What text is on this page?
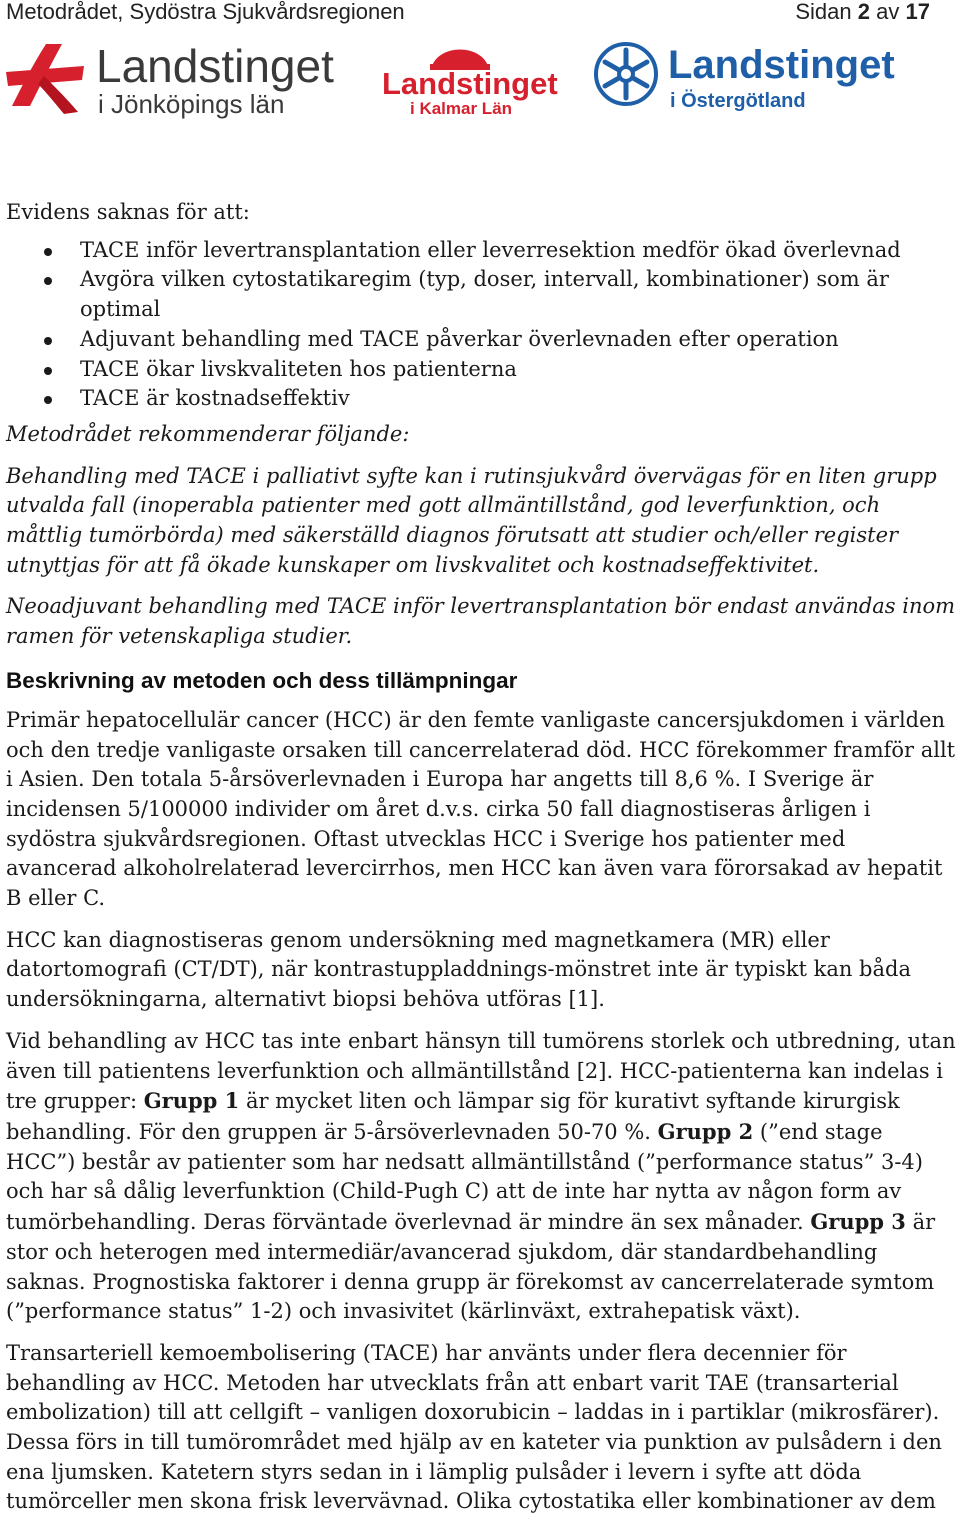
Metodrådet, Sydöstra Sjukvårdsregionen	Sidan 2 av 17
Landstinget
i Jönköpings län
Landstinget
i Kalmar Län
Landstinget
i Östergötland

Evidens saknas för att:

TACE inför levertransplantation eller leverresektion medför ökad överlevnad
Avgöra vilken cytostatikaregim (typ, doser, intervall, kombinationer) som är optimal
Adjuvant behandling med TACE påverkar överlevnaden efter operation
TACE ökar livskvaliteten hos patienterna
TACE är kostnadseffektiv

Metodrådet rekommenderar följande:

Behandling med TACE i palliativt syfte kan i rutinsjukvård övervägas för en liten grupp utvalda fall (inoperabla patienter med gott allmäntillstånd, god leverfunktion, och måttlig tumörbörda) med säkerställd diagnos förutsatt att studier och/eller register utnyttjas för att få ökade kunskaper om livskvalitet och kostnadseffektivitet.

Neoadjuvant behandling med TACE inför levertransplantation bör endast användas inom ramen för vetenskapliga studier.

Beskrivning av metoden och dess tillämpningar

Primär hepatocellulär cancer (HCC) är den femte vanligaste cancersjukdomen i världen och den tredje vanligaste orsaken till cancerrelaterad död. HCC förekommer framför allt i Asien. Den totala 5-årsöverlevnaden i Europa har angetts till 8,6 %. I Sverige är incidensen 5/100000 individer om året d.v.s. cirka 50 fall diagnostiseras årligen i sydöstra sjukvårdsregionen. Oftast utvecklas HCC i Sverige hos patienter med avancerad alkoholrelaterad levercirrhos, men HCC kan även vara förorsakad av hepatit B eller C.

HCC kan diagnostiseras genom undersökning med magnetkamera (MR) eller datortomografi (CT/DT), när kontrastuppladdnings-mönstret inte är typiskt kan båda undersökningarna, alternativt biopsi behöva utföras [1].

Vid behandling av HCC tas inte enbart hänsyn till tumörens storlek och utbredning, utan även till patientens leverfunktion och allmäntillstånd [2]. HCC-patienterna kan indelas i tre grupper: Grupp 1 är mycket liten och lämpar sig för kurativt syftande kirurgisk behandling. För den gruppen är 5-årsöverlevnaden 50-70 %. Grupp 2 (”end stage HCC”) består av patienter som har nedsatt allmäntillstånd (”performance status” 3-4) och har så dålig leverfunktion (Child-Pugh C) att de inte har nytta av någon form av tumörbehandling. Deras förväntade överlevnad är mindre än sex månader. Grupp 3 är stor och heterogen med intermediär/avancerad sjukdom, där standardbehandling saknas. Prognostiska faktorer i denna grupp är förekomst av cancerrelaterade symtom (”performance status” 1-2) och invasivitet (kärlinväxt, extrahepatisk växt).

Transarteriell kemoembolisering (TACE) har använts under flera decennier för behandling av HCC. Metoden har utvecklats från att enbart varit TAE (transarterial embolization) till att cellgift – vanligen doxorubicin – laddas in i partiklar (mikrosfärer). Dessa förs in till tumörområdet med hjälp av en kateter via punktion av pulsådern i den ena ljumsken. Katetern styrs sedan in i lämplig pulsåder i levern i syfte att döda tumörceller men skona frisk levervävnad. Olika cytostatika eller kombinationer av dem
